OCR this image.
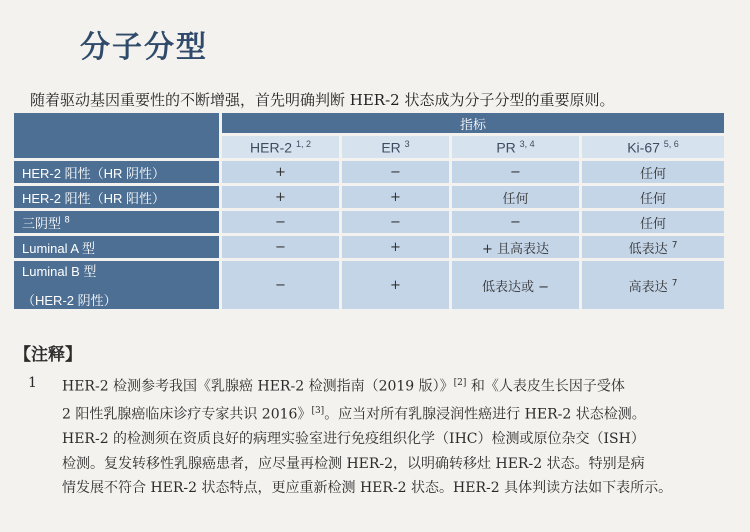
分子分型
随着驱动基因重要性的不断增强，首先明确判断 HER-2 状态成为分子分型的重要原则。
	指标			
	HER-2 $^{1, 2}$	ER $^3$	PR $^{3, 4}$	Ki-67 $^{5, 6}$
HER-2 阳性（HR 阴性）	+	−	−	任何
HER-2 阳性（HR 阳性）	+	+	任何	任何
三阴型 $^8$	−	−	−	任何
Luminal A 型	−	+	+ 且高表达	低表达 $^7$
Luminal B 型
（HER-2 阴性）	−	+	低表达或 −	高表达 $^7$
【注释】
1 HER-2 检测参考我国《乳腺癌 HER-2 检测指南（2019 版）》[2] 和《人表皮生长因子受体
2 阳性乳腺癌临床诊疗专家共识 2016》[3]。应当对所有乳腺浸润性癌进行 HER-2 状态检测。
HER-2 的检测须在资质良好的病理实验室进行免疫组织化学（IHC）检测或原位杂交（ISH）
检测。复发转移性乳腺癌患者，应尽量再检测 HER-2，以明确转移灶 HER-2 状态。特别是病
情发展不符合 HER-2 状态特点，更应重新检测 HER-2 状态。HER-2 具体判读方法如下表所示。
